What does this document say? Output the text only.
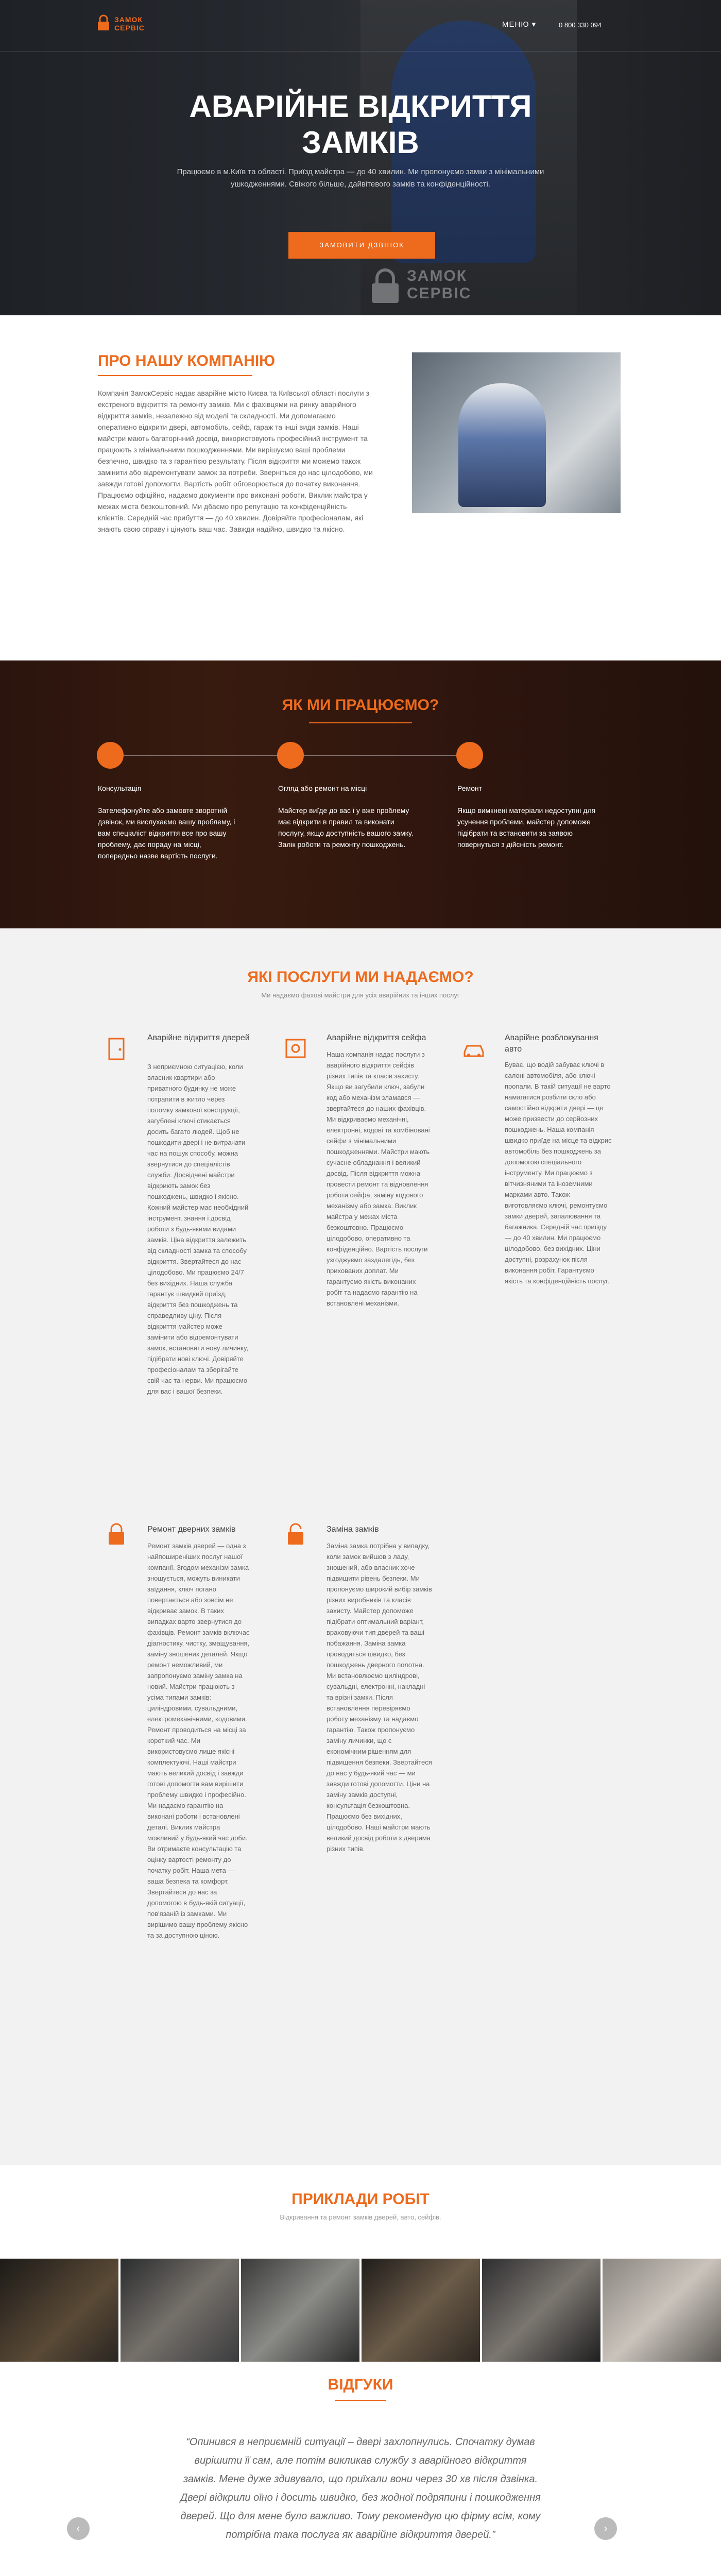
ЗАМОК
СЕРВІС	МЕНЮ ▾	0 800 330 094
АВАРІЙНЕ ВІДКРИТТЯ ЗАМКІВ
Працюємо в м.Київ та області. Приїзд майстра — до 40 хвилин. Ми пропонуємо замки з мінімальними ушкодженнями. Свіжого більше, дайвітевого замків та конфіденційності.
ЗАМОВИТИ ДЗВІНОК
ЗАМОК
СЕРВІС
ПРО НАШУ КОМПАНІЮ
Компанія ЗамокСервіс надає аварійне місто Києва та Київської області послуги з екстреного відкриття та ремонту замків. Ми є фахівцями на ринку аварійного відкриття замків, незалежно від моделі та складності. Ми допомагаємо оперативно відкрити двері, автомобіль, сейф, гараж та інші види замків. Наші майстри мають багаторічний досвід, використовують професійний інструмент та працюють з мінімальними пошкодженнями. Ми вирішуємо ваші проблеми безпечно, швидко та з гарантією результату. Після відкриття ми можемо також замінити або відремонтувати замок за потреби. Зверніться до нас цілодобово, ми завжди готові допомогти. Вартість робіт обговорюється до початку виконання. Працюємо офіційно, надаємо документи про виконані роботи. Виклик майстра у межах міста безкоштовний. Ми дбаємо про репутацію та конфіденційність клієнтів. Середній час прибуття — до 40 хвилин. Довіряйте професіоналам, які знають свою справу і цінують ваш час. Завжди надійно, швидко та якісно.
ЯК МИ ПРАЦЮЄМО?
Консультація
Зателефонуйте або замовте зворотній дзвінок, ми вислухаємо вашу проблему, і вам спеціаліст відкриття все про вашу проблему, дає пораду на місці, попередньо назве вартість послуги.
Огляд або ремонт на місці
Майстер виїде до вас і у вже проблему має відкрити в правил та виконати послугу, якщо доступність вашого замку. Залік роботи та ремонту пошкоджень.
Ремонт
Якщо вимкнені матеріали недоступні для усунення проблеми, майстер допоможе підібрати та встановити за заявою повернуться з дійсність ремонт.
ЯКІ ПОСЛУГИ МИ НАДАЄМО?
Ми надаємо фахові майстри для усіх аварійних та інших послуг
Аварійне відкриття дверей
З неприємною ситуацією, коли власник квартири або приватного будинку не може потрапити в житло через поломку замкової конструкції, загублені ключі стикається досить багато людей. Щоб не пошкодити двері і не витрачати час на пошук способу, можна звернутися до спеціалістів служби. Досвідчені майстри відкриють замок без пошкоджень, швидко і якісно. Кожний майстер має необхідний інструмент, знання і досвід роботи з будь-якими видами замків. Ціна відкриття залежить від складності замка та способу відкриття. Звертайтеся до нас цілодобово. Ми працюємо 24/7 без вихідних. Наша служба гарантує швидкий приїзд, відкриття без пошкоджень та справедливу ціну. Після відкриття майстер може замінити або відремонтувати замок, встановити нову личинку, підібрати нові ключі. Довіряйте професіоналам та зберігайте свій час та нерви. Ми працюємо для вас і вашої безпеки.
Аварійне відкриття сейфа
Наша компанія надає послуги з аварійного відкриття сейфів різних типів та класів захисту. Якщо ви загубили ключ, забули код або механізм зламався — звертайтеся до наших фахівців. Ми відкриваємо механічні, електронні, кодові та комбіновані сейфи з мінімальними пошкодженнями. Майстри мають сучасне обладнання і великий досвід. Після відкриття можна провести ремонт та відновлення роботи сейфа, заміну кодового механізму або замка. Виклик майстра у межах міста безкоштовно. Працюємо цілодобово, оперативно та конфіденційно. Вартість послуги узгоджуємо заздалегідь, без прихованих доплат. Ми гарантуємо якість виконаних робіт та надаємо гарантію на встановлені механізми.
Аварійне розблокування авто
Буває, що водій забуває ключі в салоні автомобіля, або ключі пропали. В такій ситуації не варто намагатися розбити скло або самостійно відкрити двері — це може призвести до серйозних пошкоджень. Наша компанія швидко приїде на місце та відкриє автомобіль без пошкоджень за допомогою спеціального інструменту. Ми працюємо з вітчизняними та іноземними марками авто. Також виготовляємо ключі, ремонтуємо замки дверей, запалювання та багажника. Середній час приїзду — до 40 хвилин. Ми працюємо цілодобово, без вихідних. Ціни доступні, розрахунок після виконання робіт. Гарантуємо якість та конфіденційність послуг.
Ремонт дверних замків
Ремонт замків дверей — одна з найпоширеніших послуг нашої компанії. Згодом механізм замка зношується, можуть виникати заїдання, ключ погано повертається або зовсім не відкриває замок. В таких випадках варто звернутися до фахівців. Ремонт замків включає діагностику, чистку, змащування, заміну зношених деталей. Якщо ремонт неможливий, ми запропонуємо заміну замка на новий. Майстри працюють з усіма типами замків: циліндровими, сувальдними, електромеханічними, кодовими. Ремонт проводиться на місці за короткий час. Ми використовуємо лише якісні комплектуючі. Наші майстри мають великий досвід і завжди готові допомогти вам вирішити проблему швидко і професійно. Ми надаємо гарантію на виконані роботи і встановлені деталі. Виклик майстра можливий у будь-який час доби. Ви отримаєте консультацію та оцінку вартості ремонту до початку робіт. Наша мета — ваша безпека та комфорт. Звертайтеся до нас за допомогою в будь-якій ситуації, пов'язаній із замками. Ми вирішимо вашу проблему якісно та за доступною ціною.
Заміна замків
Заміна замка потрібна у випадку, коли замок вийшов з ладу, зношений, або власник хоче підвищити рівень безпеки. Ми пропонуємо широкий вибір замків різних виробників та класів захисту. Майстер допоможе підібрати оптимальний варіант, враховуючи тип дверей та ваші побажання. Заміна замка проводиться швидко, без пошкоджень дверного полотна. Ми встановлюємо циліндрові, сувальдні, електронні, накладні та врізні замки. Після встановлення перевіряємо роботу механізму та надаємо гарантію. Також пропонуємо заміну личинки, що є економічним рішенням для підвищення безпеки. Звертайтеся до нас у будь-який час — ми завжди готові допомогти. Ціни на заміну замків доступні, консультація безкоштовна. Працюємо без вихідних, цілодобово. Наші майстри мають великий досвід роботи з дверима різних типів.
ПРИКЛАДИ РОБІТ
Відкривання та ремонт замків дверей, авто, сейфів.
ВІДГУКИ
“Опинився в неприємній ситуації – двері захлопнулись. Спочатку думав вирішити її сам, але потім викликав службу з аварійного відкриття замків. Мене дуже здивувало, що приїхали вони через 30 хв після дзвінка. Двері відкрили оїно і досить швидко, без жодної подряпини і пошкодження дверей. Що для мене було важливо. Тому рекомендую цю фірму всім, кому потрібна така послуга як аварійне відкриття дверей.”
‹	›
